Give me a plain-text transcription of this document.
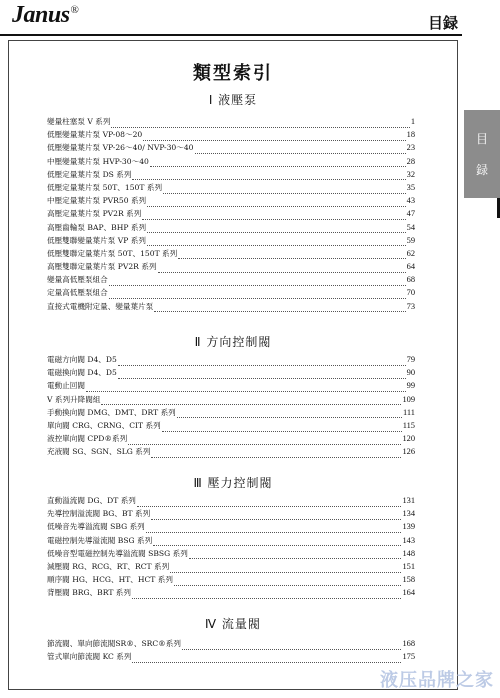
Janus®
目録
目
録
類型索引
Ⅰ 液壓泵
變量柱塞泵 V 系列	1
低壓變量葉片泵 VP-08～20	18
低壓變量葉片泵 VP-26～40/ NVP-30～40	23
中壓變量葉片泵 HVP-30～40	28
低壓定量葉片泵 DS 系列	32
低壓定量葉片泵 50T、150T 系列	35
中壓定量葉片泵 PVR50 系列	43
高壓定量葉片泵 PV2R 系列	47
高壓齒輪泵 BAP、BHP 系列	54
低壓雙聯變量葉片泵 VP 系列	59
低壓雙聯定量葉片泵 50T、150T 系列	62
高壓雙聯定量葉片泵 PV2R 系列	64
變量高低壓泵組合	68
定量高低壓泵組合	70
直接式電機附定量、變量葉片泵	73
Ⅱ 方向控制閥
電磁方向閥 D4、D5	79
電磁換向閥 D4、D5	90
電動止回閥	99
V 系列升降閥組	109
手動換向閥 DMG、DMT、DRT 系列	111
單向閥 CRG、CRNG、CIT 系列	115
液控單向閥 CPD®系列	120
充液閥 SG、SGN、SLG 系列	126
Ⅲ 壓力控制閥
直動溢流閥 DG、DT 系列	131
先導控制溢流閥 BG、BT 系列	134
低噪音先導溢流閥 SBG 系列	139
電磁控制先導溢流閥 BSG 系列	143
低噪音型電磁控制先導溢流閥 SBSG 系列	148
減壓閥 RG、RCG、RT、RCT 系列	151
順序閥 HG、HCG、HT、HCT 系列	158
背壓閥 BRG、BRT 系列	164
Ⅳ 流量閥
節流閥、單向節流閥SR®、SRC®系列	168
管式單向節流閥 KC 系列	175
液压品牌之家
